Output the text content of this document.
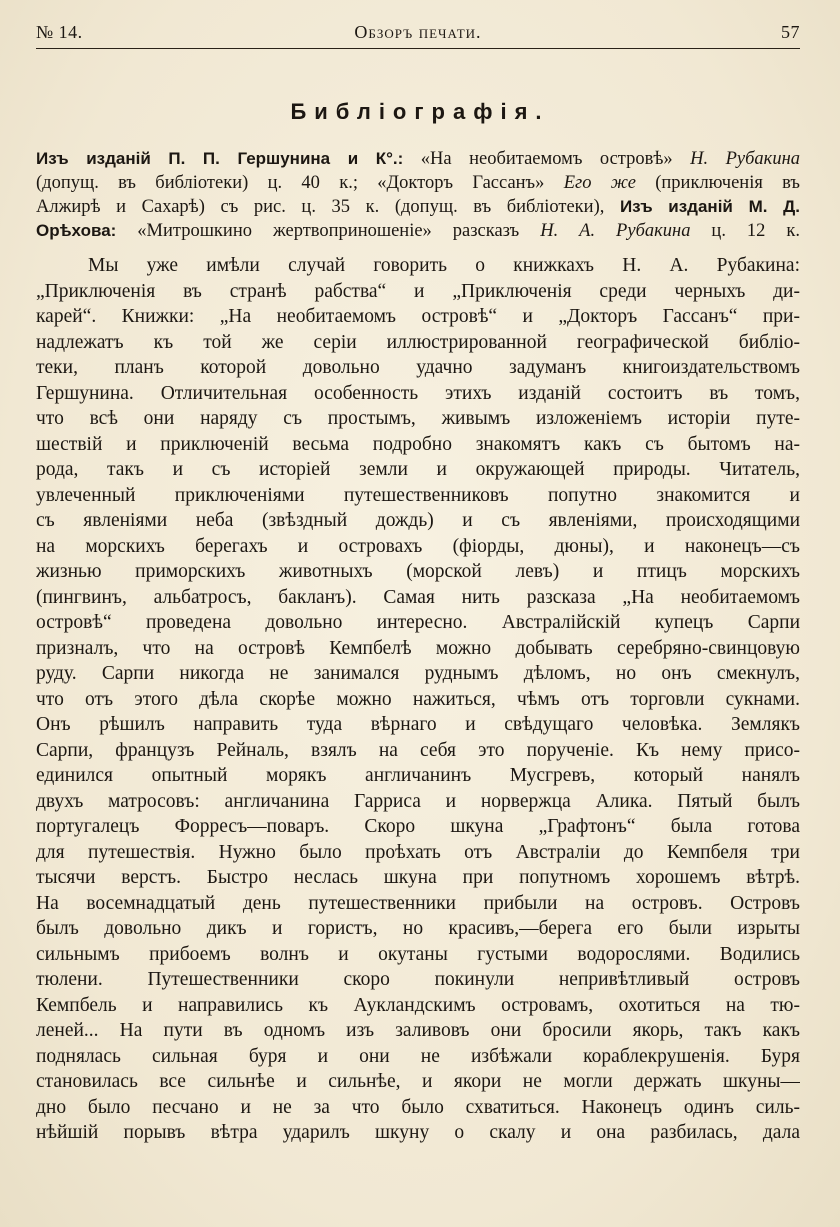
№ 14.	Обзоръ печати.	57
Библіографія.
Изъ изданій П. П. Гершунина и К°.: «На необитаемомъ островѣ» Н. Рубакина
(допущ. въ библіотеки) ц. 40 к.; «Докторъ Гассанъ» Его же (приключенія въ
Алжирѣ и Сахарѣ) съ рис. ц. 35 к. (допущ. въ библіотеки), Изъ изданій М. Д.
Орѣхова: «Митрошкино жертвоприношеніе» разсказъ Н. А. Рубакина ц. 12 к.
Мы уже имѣли случай говорить о книжкахъ Н. А. Рубакина:
„Приключенія въ странѣ рабства“ и „Приключенія среди черныхъ ди-
карей“. Книжки: „На необитаемомъ островѣ“ и „Докторъ Гассанъ“ при-
надлежатъ къ той же серіи иллюстрированной географической библіо-
теки, планъ которой довольно удачно задуманъ книгоиздательствомъ
Гершунина. Отличительная особенность этихъ изданій состоитъ въ томъ,
что всѣ они наряду съ простымъ, живымъ изложеніемъ исторіи путе-
шествій и приключеній весьма подробно знакомятъ какъ съ бытомъ на-
рода, такъ и съ исторіей земли и окружающей природы. Читатель,
увлеченный приключеніями путешественниковъ попутно знакомится и
съ явленіями неба (звѣздный дождь) и съ явленіями, происходящими
на морскихъ берегахъ и островахъ (фіорды, дюны), и наконецъ—съ
жизнью приморскихъ животныхъ (морской левъ) и птицъ морскихъ
(пингвинъ, альбатросъ, бакланъ). Самая нить разсказа „На необитаемомъ
островѣ“ проведена довольно интересно. Австралійскій купецъ Сарпи
призналъ, что на островѣ Кемпбелѣ можно добывать серебряно-свинцовую
руду. Сарпи никогда не занимался руднымъ дѣломъ, но онъ смекнулъ,
что отъ этого дѣла скорѣе можно нажиться, чѣмъ отъ торговли сукнами.
Онъ рѣшилъ направить туда вѣрнаго и свѣдущаго человѣка. Землякъ
Сарпи, французъ Рейналь, взялъ на себя это порученіе. Къ нему присо-
единился опытный морякъ англичанинъ Мусгревъ, который нанялъ
двухъ матросовъ: англичанина Гарриса и норвержца Алика. Пятый былъ
португалецъ Форресъ—поваръ. Скоро шкуна „Графтонъ“ была готова
для путешествія. Нужно было проѣхать отъ Австраліи до Кемпбеля три
тысячи верстъ. Быстро неслась шкуна при попутномъ хорошемъ вѣтрѣ.
На восемнадцатый день путешественники прибыли на островъ. Островъ
былъ довольно дикъ и гористъ, но красивъ,—берега его были изрыты
сильнымъ прибоемъ волнъ и окутаны густыми водорослями. Водились
тюлени. Путешественники скоро покинули непривѣтливый островъ
Кемпбель и направились къ Аукландскимъ островамъ, охотиться на тю-
леней... На пути въ одномъ изъ заливовъ они бросили якорь, такъ какъ
поднялась сильная буря и они не избѣжали кораблекрушенія. Буря
становилась все сильнѣе и сильнѣе, и якори не могли держать шкуны—
дно было песчано и не за что было схватиться. Наконецъ одинъ силь-
нѣйшій порывъ вѣтра ударилъ шкуну о скалу и она разбилась, дала
